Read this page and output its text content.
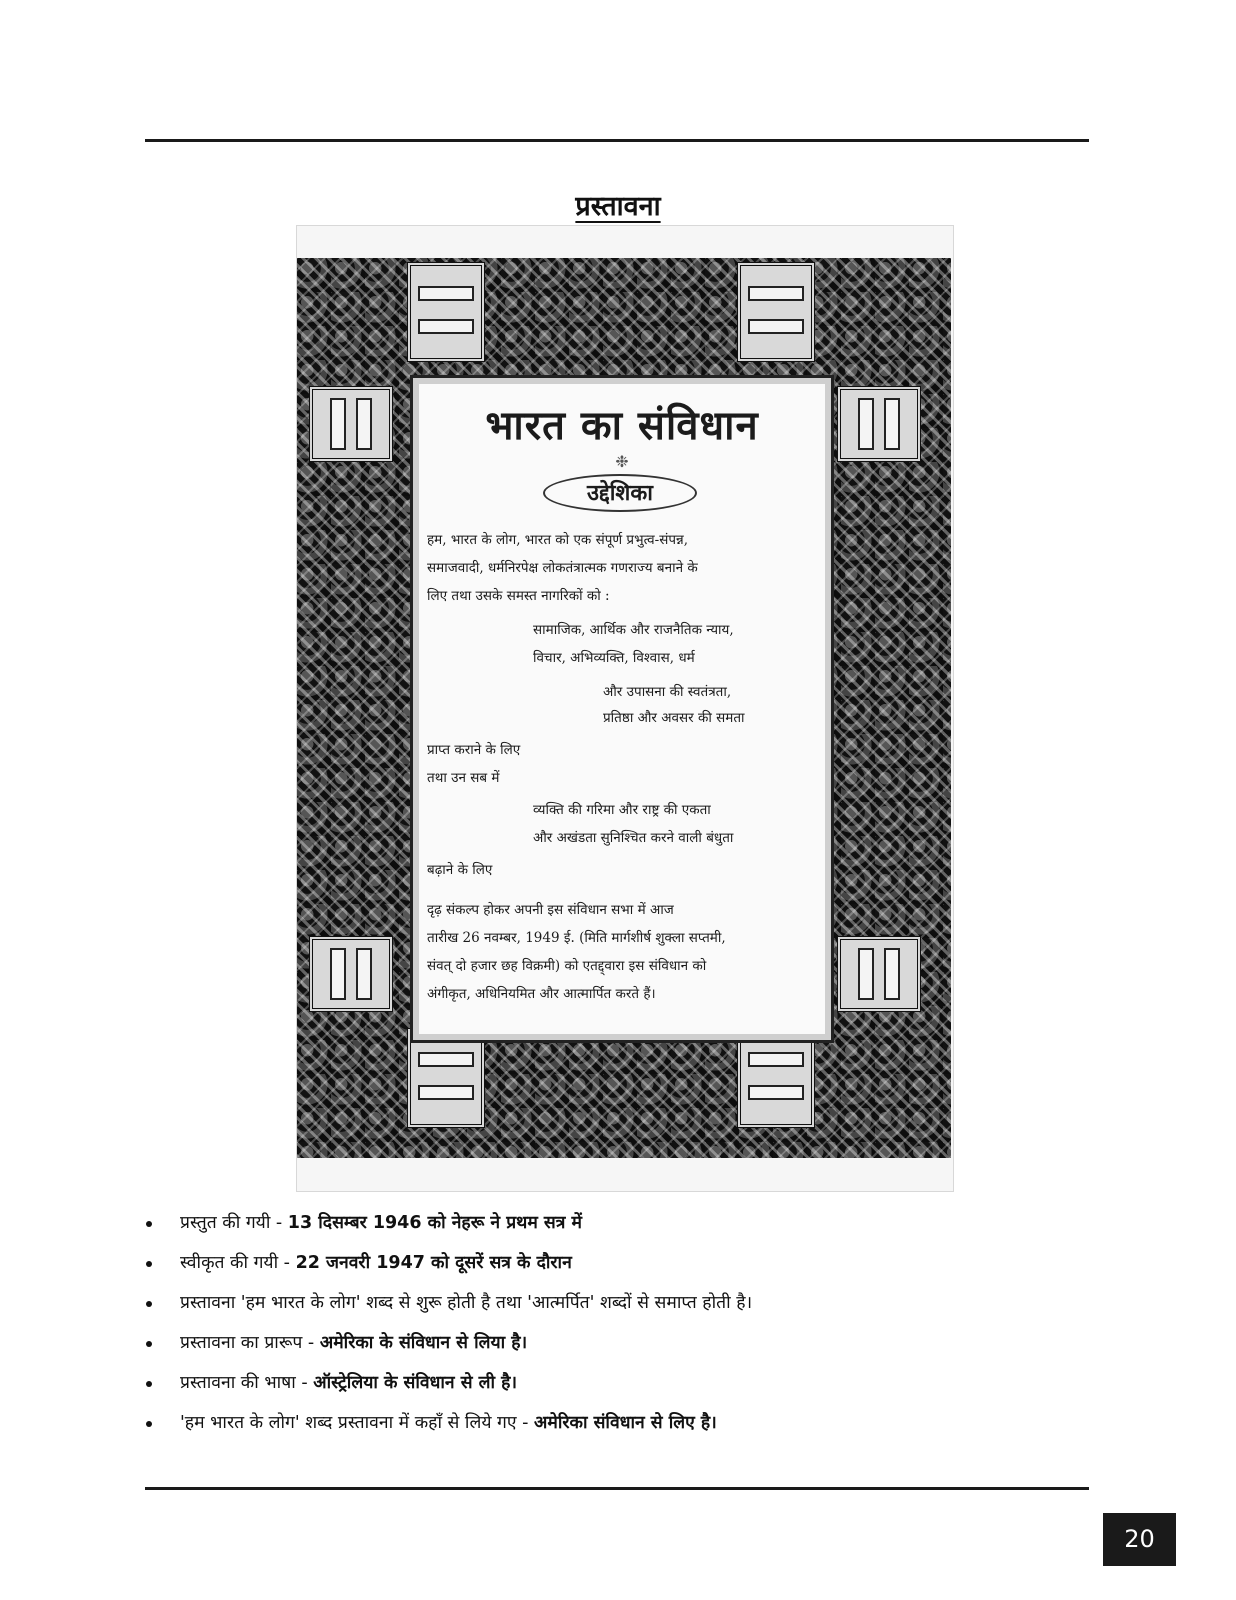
प्रस्तावना
भारत का संविधान
❉
उद्देशिका
हम, भारत के लोग, भारत को एक संपूर्ण प्रभुत्व-संपन्न,
समाजवादी, धर्मनिरपेक्ष लोकतंत्रात्मक गणराज्य बनाने के
लिए तथा उसके समस्त नागरिकों को :
सामाजिक, आर्थिक और राजनैतिक न्याय,
विचार, अभिव्यक्ति, विश्वास, धर्म
और उपासना की स्वतंत्रता,
प्रतिष्ठा और अवसर की समता
प्राप्त कराने के लिए
तथा उन सब में
व्यक्ति की गरिमा और राष्ट्र की एकता
और अखंडता सुनिश्चित करने वाली बंधुता
बढ़ाने के लिए
दृढ़ संकल्प होकर अपनी इस संविधान सभा में आज
तारीख 26 नवम्बर, 1949 ई. (मिति मार्गशीर्ष शुक्ला सप्तमी,
संवत् दो हजार छह विक्रमी) को एतद्द्वारा इस संविधान को
अंगीकृत, अधिनियमित और आत्मार्पित करते हैं।
प्रस्तुत की गयी - 13 दिसम्बर 1946 को नेहरू ने प्रथम सत्र में
स्वीकृत की गयी - 22 जनवरी 1947 को दूसरें सत्र के दौरान
प्रस्तावना 'हम भारत के लोग' शब्द से शुरू होती है तथा 'आत्मर्पित' शब्दों से समाप्त होती है।
प्रस्तावना का प्रारूप - अमेरिका के संविधान से लिया है।
प्रस्तावना की भाषा - ऑस्ट्रेलिया के संविधान से ली है।
'हम भारत के लोग' शब्द प्रस्तावना में कहाँ से लिये गए - अमेरिका संविधान से लिए है।
20
